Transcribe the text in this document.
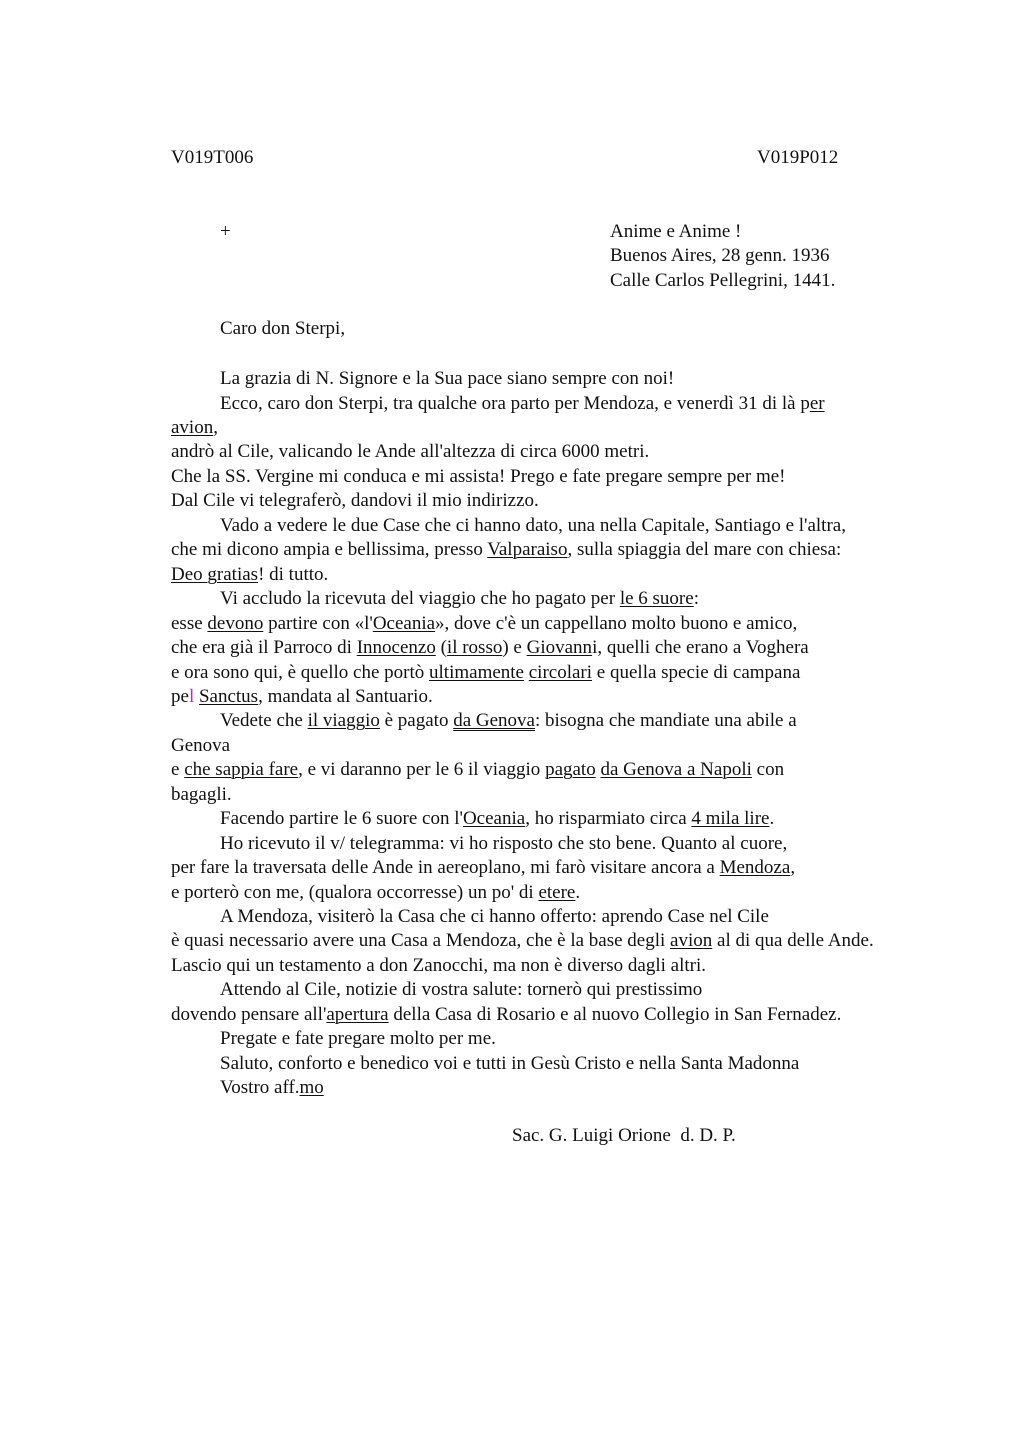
V019T006	V019P012
+	Anime e Anime !
Buenos Aires, 28 genn. 1936
Calle Carlos Pellegrini, 1441.
Caro don Sterpi,
La grazia di N. Signore e la Sua pace siano sempre con noi!
Ecco, caro don Sterpi, tra qualche ora parto per Mendoza, e venerdì 31 di là per
avion,
andrò al Cile, valicando le Ande all'altezza di circa 6000 metri.
Che la SS. Vergine mi conduca e mi assista! Prego e fate pregare sempre per me!
Dal Cile vi telegraferò, dandovi il mio indirizzo.
Vado a vedere le due Case che ci hanno dato, una nella Capitale, Santiago e l'altra,
che mi dicono ampia e bellissima, presso Valparaiso, sulla spiaggia del mare con chiesa:
Deo gratias! di tutto.
Vi accludo la ricevuta del viaggio che ho pagato per le 6 suore:
esse devono partire con «l'Oceania», dove c'è un cappellano molto buono e amico,
che era già il Parroco di Innocenzo (il rosso) e Giovanni, quelli che erano a Voghera
e ora sono qui, è quello che portò ultimamente circolari e quella specie di campana
pel Sanctus, mandata al Santuario.
Vedete che il viaggio è pagato da Genova: bisogna che mandiate una abile a
Genova
e che sappia fare, e vi daranno per le 6 il viaggio pagato da Genova a Napoli con
bagagli.
Facendo partire le 6 suore con l'Oceania, ho risparmiato circa 4 mila lire.
Ho ricevuto il v/ telegramma: vi ho risposto che sto bene. Quanto al cuore,
per fare la traversata delle Ande in aereoplano, mi farò visitare ancora a Mendoza,
e porterò con me, (qualora occorresse) un po' di etere.
A Mendoza, visiterò la Casa che ci hanno offerto: aprendo Case nel Cile
è quasi necessario avere una Casa a Mendoza, che è la base degli avion al di qua delle Ande.
Lascio qui un testamento a don Zanocchi, ma non è diverso dagli altri.
Attendo al Cile, notizie di vostra salute: tornerò qui prestissimo
dovendo pensare all'apertura della Casa di Rosario e al nuovo Collegio in San Fernadez.
Pregate e fate pregare molto per me.
Saluto, conforto e benedico voi e tutti in Gesù Cristo e nella Santa Madonna
Vostro aff.mo
Sac. G. Luigi Orione  d. D. P.
